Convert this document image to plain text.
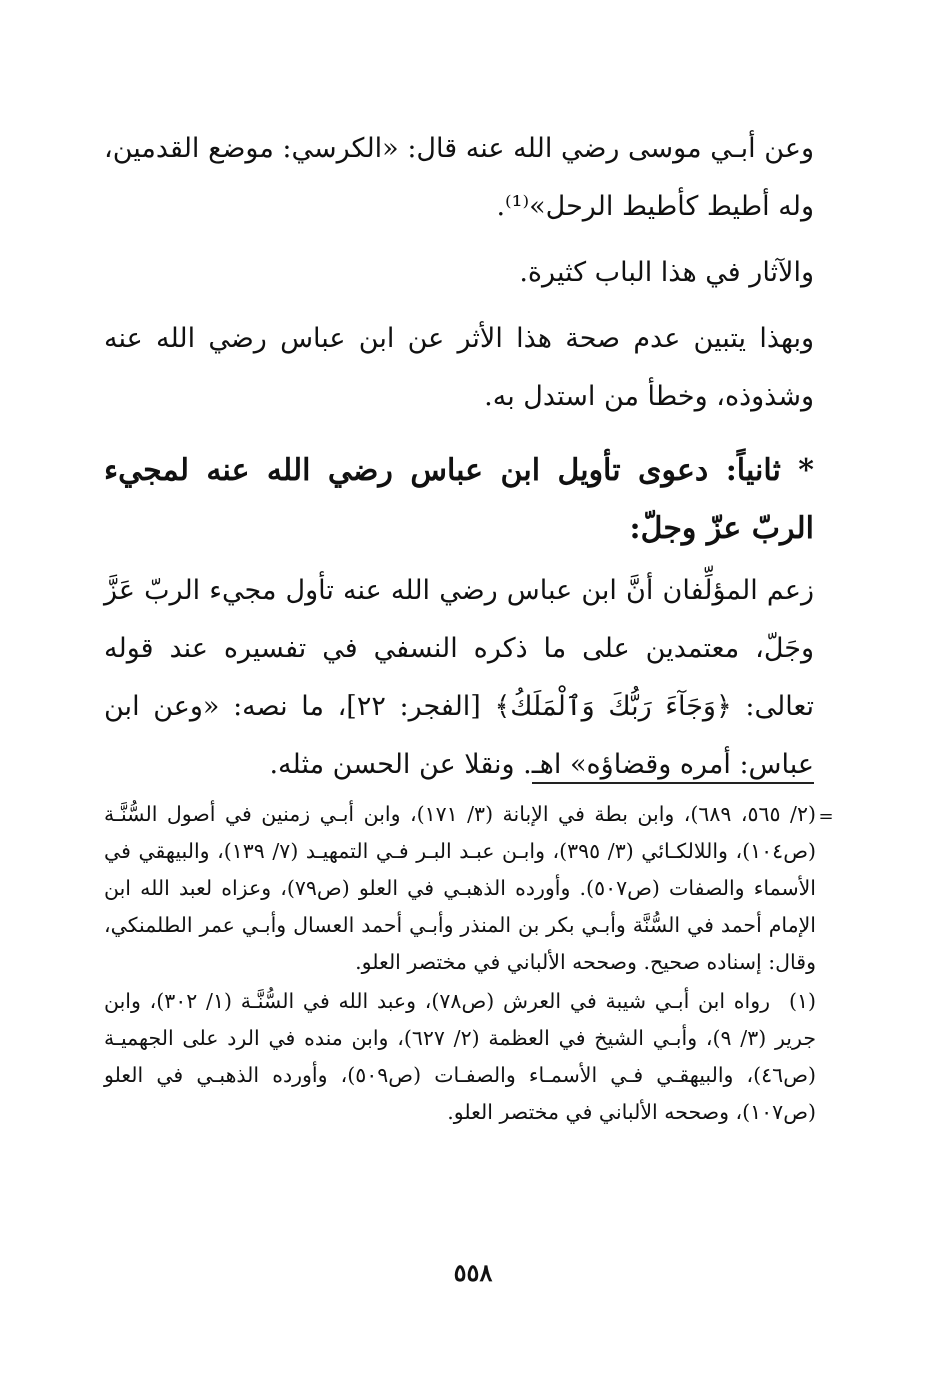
وعن أبـي موسى رضي الله عنه قال: «الكرسي: موضع القدمين، وله أطيط كأطيط الرحل»⁽¹⁾.

والآثار في هذا الباب كثيرة.

وبهذا يتبين عدم صحة هذا الأثر عن ابن عباس رضي الله عنه وشذوذه، وخطأ من استدل به.

* ثانياً: دعوى تأويل ابن عباس رضي الله عنه لمجيء الربّ عزّ وجلّ:

زعم المؤلِّفان أنَّ ابن عباس رضي الله عنه تأول مجيء الربّ عَزَّ وجَلّ، معتمدين على ما ذكره النسفي في تفسيره عند قوله تعالى: ﴿وَجَآءَ رَبُّكَ وَٱلْمَلَكُ﴾ [الفجر: ٢٢]، ما نصه: «وعن ابن عباس: أمره وقضاؤه» اهـ. ونقلا عن الحسن مثله.

=

(٢/ ٥٦٥، ٦٨٩)، وابن بطة في الإبانة (٣/ ١٧١)، وابن أبـي زمنين في أصول السُّنَّـة (ص١٠٤)، واللالكـائي (٣/ ٣٩٥)، وابـن عبـد البـر فـي التمهيـد (٧/ ١٣٩)، والبيهقي في الأسماء والصفات (ص٥٠٧). وأورده الذهبـي في العلو (ص٧٩)، وعزاه لعبد الله ابن الإمام أحمد في السُّنَّة وأبـي بكر بن المنذر وأبـي أحمد العسال وأبـي عمر الطلمنكي، وقال: إسناده صحيح. وصححه الألباني في مختصر العلو.

(١)رواه ابن أبـي شيبة في العرش (ص٧٨)، وعبد الله في السُّنَّـة (١/ ٣٠٢)، وابن جرير (٣/ ٩)، وأبـي الشيخ في العظمة (٢/ ٦٢٧)، وابن منده في الرد على الجهميـة (ص٤٦)، والبيهقـي فـي الأسمـاء والصفـات (ص٥٠٩)، وأورده الذهبـي في العلو (ص١٠٧)، وصححه الألباني في مختصر العلو.

٥٥٨
